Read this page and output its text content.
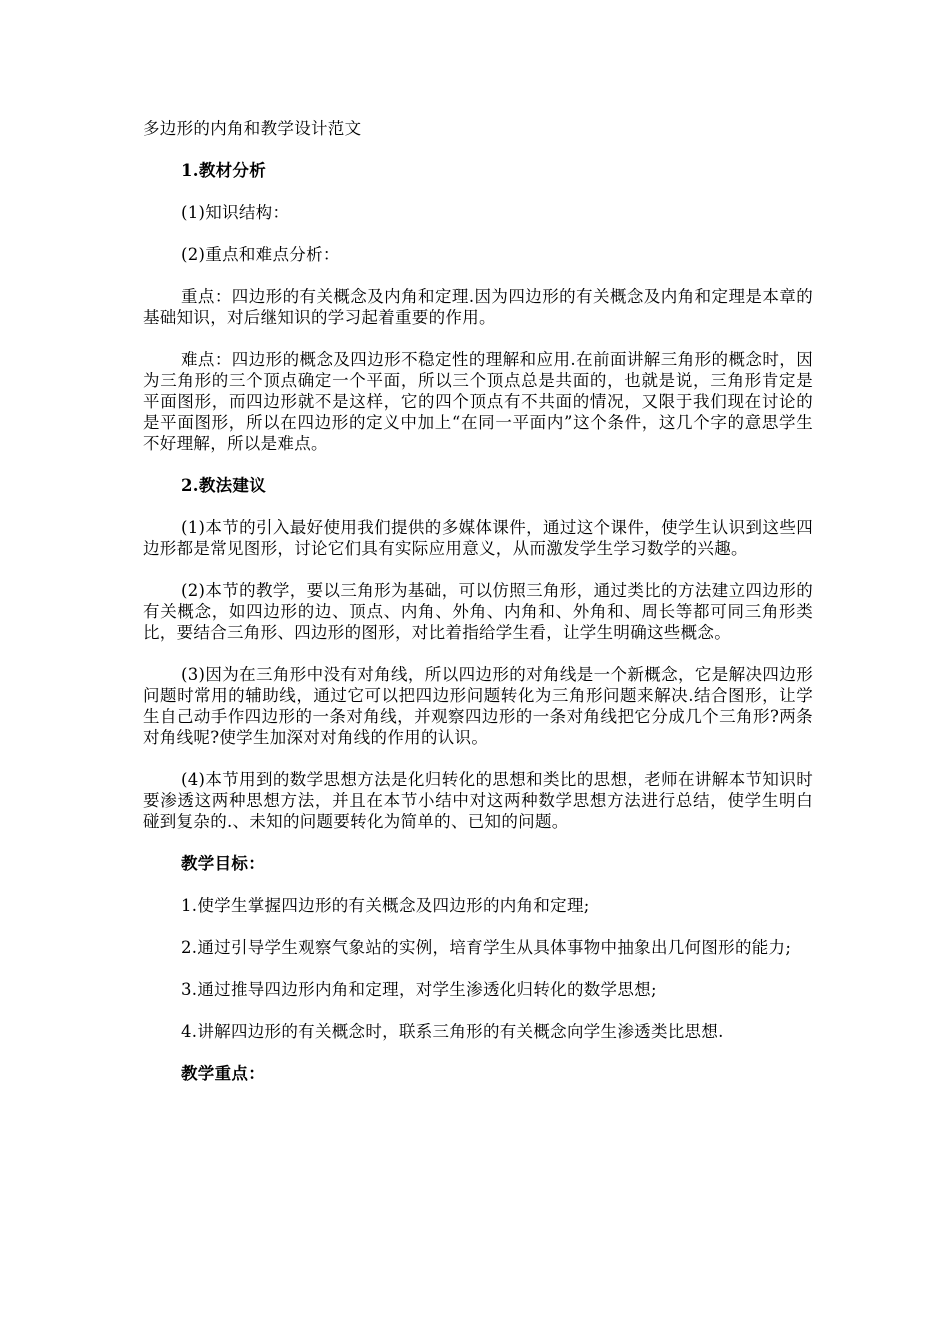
多边形的内角和教学设计范文

1.教材分析

(1)知识结构：

(2)重点和难点分析：

重点：四边形的有关概念及内角和定理.因为四边形的有关概念及内角和定理是本章的基础知识，对后继知识的学习起着重要的作用。

难点：四边形的概念及四边形不稳定性的理解和应用.在前面讲解三角形的概念时，因为三角形的三个顶点确定一个平面，所以三个顶点总是共面的，也就是说，三角形肯定是平面图形，而四边形就不是这样，它的四个顶点有不共面的情况，又限于我们现在讨论的是平面图形，所以在四边形的定义中加上“在同一平面内”这个条件，这几个字的意思学生不好理解，所以是难点。

2.教法建议

(1)本节的引入最好使用我们提供的多媒体课件，通过这个课件，使学生认识到这些四边形都是常见图形，讨论它们具有实际应用意义，从而激发学生学习数学的兴趣。

(2)本节的教学，要以三角形为基础，可以仿照三角形，通过类比的方法建立四边形的有关概念，如四边形的边、顶点、内角、外角、内角和、外角和、周长等都可同三角形类比，要结合三角形、四边形的图形，对比着指给学生看，让学生明确这些概念。

(3)因为在三角形中没有对角线，所以四边形的对角线是一个新概念，它是解决四边形问题时常用的辅助线，通过它可以把四边形问题转化为三角形问题来解决.结合图形，让学生自己动手作四边形的一条对角线，并观察四边形的一条对角线把它分成几个三角形?两条对角线呢?使学生加深对对角线的作用的认识。

(4)本节用到的数学思想方法是化归转化的思想和类比的思想，老师在讲解本节知识时要渗透这两种思想方法，并且在本节小结中对这两种数学思想方法进行总结，使学生明白碰到复杂的.、未知的问题要转化为简单的、已知的问题。

教学目标：

1.使学生掌握四边形的有关概念及四边形的内角和定理;

2.通过引导学生观察气象站的实例，培育学生从具体事物中抽象出几何图形的能力;

3.通过推导四边形内角和定理，对学生渗透化归转化的数学思想;

4.讲解四边形的有关概念时，联系三角形的有关概念向学生渗透类比思想.

教学重点：
